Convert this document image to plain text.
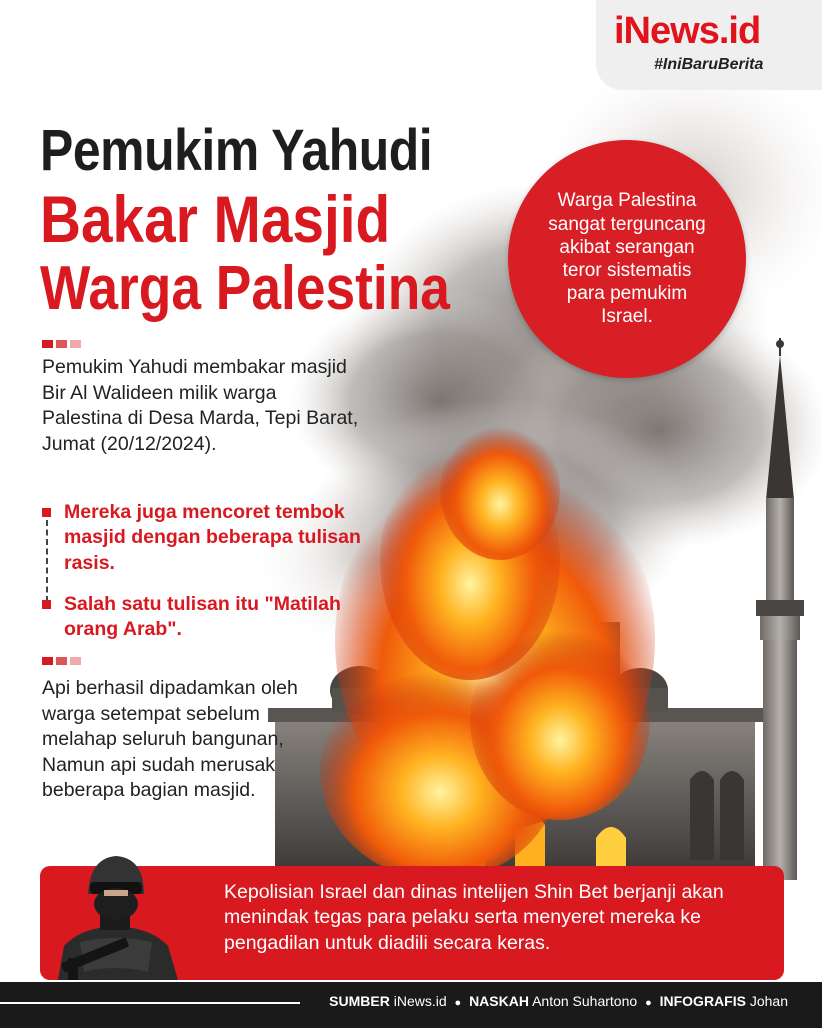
iNews.id
#IniBaruBerita
Pemukim Yahudi
Bakar Masjid
Warga Palestina
Warga Palestina sangat terguncang akibat serangan teror sistematis para pemukim Israel.

Pemukim Yahudi membakar masjid Bir Al Walideen milik warga Palestina di Desa Marda, Tepi Barat, Jumat (20/12/2024).

Mereka juga mencoret tembok masjid dengan beberapa tulisan rasis.
Salah satu tulisan itu "Matilah orang Arab".

Api berhasil dipadamkan oleh warga setempat sebelum melahap seluruh bangunan, Namun api sudah merusak beberapa bagian masjid.

Kepolisian Israel dan dinas intelijen Shin Bet berjanji akan menindak tegas para pelaku serta menyeret mereka ke pengadilan untuk diadili secara keras.

SUMBER iNews.id ● NASKAH Anton Suhartono ● INFOGRAFIS Johan
